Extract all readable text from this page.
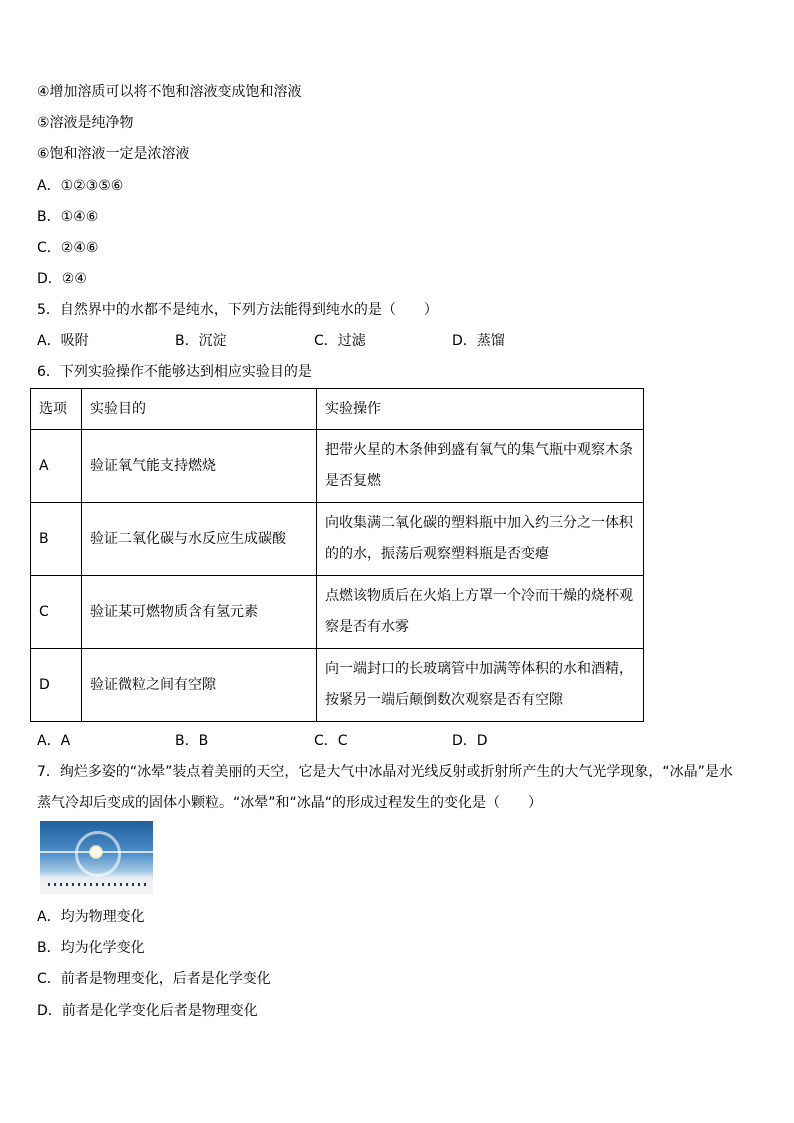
④增加溶质可以将不饱和溶液变成饱和溶液
⑤溶液是纯净物
⑥饱和溶液一定是浓溶液
A．①②③⑤⑥
B．①④⑥
C．②④⑥
D．②④
5．自然界中的水都不是纯水，下列方法能得到纯水的是（　　）
A．吸附	B．沉淀	C．过滤	D．蒸馏
6．下列实验操作不能够达到相应实验目的是
选项	实验目的	实验操作
A	验证氧气能支持燃烧	把带火星的木条伸到盛有氧气的集气瓶中观察木条
是否复燃

B	验证二氧化碳与水反应生成碳酸	向收集满二氧化碳的塑料瓶中加入约三分之一体积
的的水，振荡后观察塑料瓶是否变瘪

C	验证某可燃物质含有氢元素	点燃该物质后在火焰上方罩一个冷而干燥的烧杯观
察是否有水雾

D	验证微粒之间有空隙	向一端封口的长玻璃管中加满等体积的水和酒精，
按紧另一端后颠倒数次观察是否有空隙
A．A	B．B	C．C	D．D
7．绚烂多姿的“冰晕”装点着美丽的天空，它是大气中冰晶对光线反射或折射所产生的大气光学现象，“冰晶”是水
蒸气冷却后变成的固体小颗粒。“冰晕”和“冰晶“的形成过程发生的变化是（　　）
A．均为物理变化
B．均为化学变化
C．前者是物理变化，后者是化学变化
D．前者是化学变化后者是物理变化
